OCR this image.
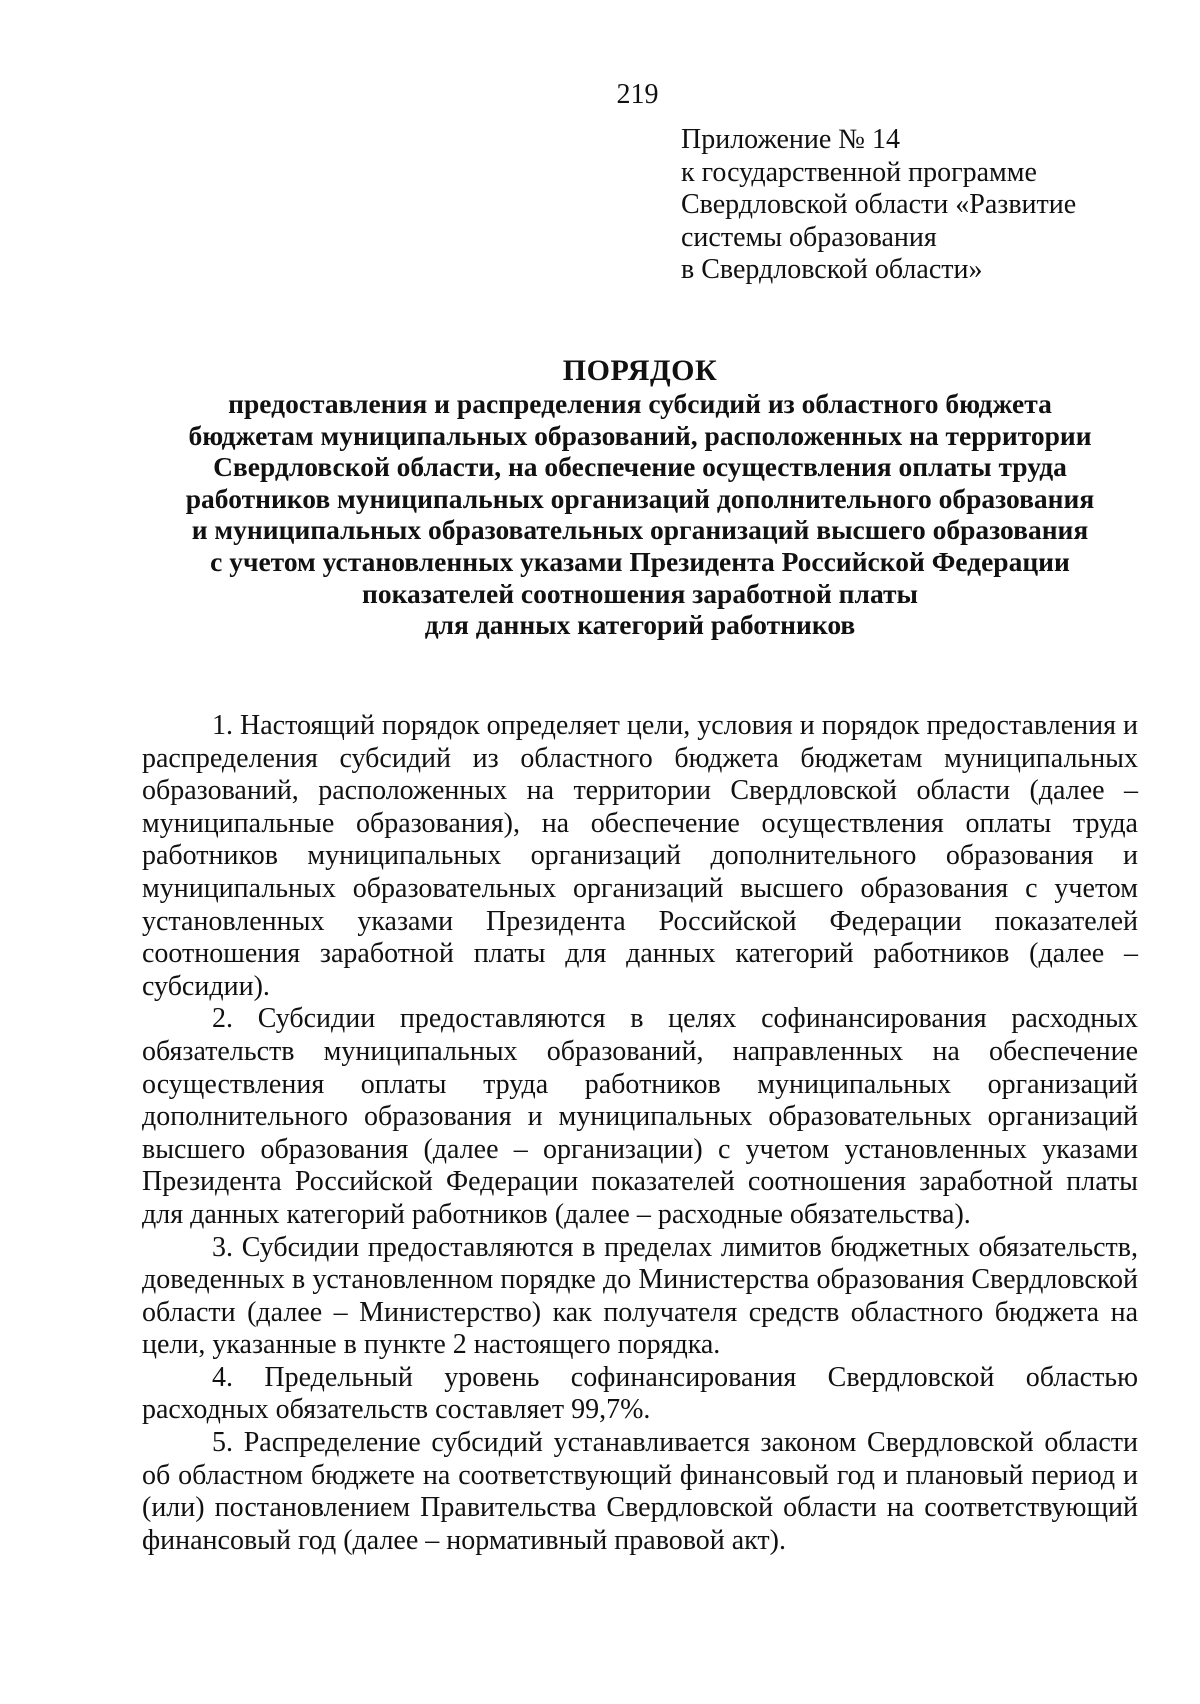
219
Приложение № 14
к государственной программе
Свердловской области «Развитие
системы образования
в Свердловской области»
ПОРЯДОК
предоставления и распределения субсидий из областного бюджета
бюджетам муниципальных образований, расположенных на территории
Свердловской области, на обеспечение осуществления оплаты труда
работников муниципальных организаций дополнительного образования
и муниципальных образовательных организаций высшего образования
с учетом установленных указами Президента Российской Федерации
показателей соотношения заработной платы
для данных категорий работников

1. Настоящий порядок определяет цели, условия и порядок предоставления и распределения субсидий из областного бюджета бюджетам муниципальных образований, расположенных на территории Свердловской области (далее – муниципальные образования), на обеспечение осуществления оплаты труда работников муниципальных организаций дополнительного образования и муниципальных образовательных организаций высшего образования с учетом установленных указами Президента Российской Федерации показателей соотношения заработной платы для данных категорий работников (далее – субсидии).

2. Субсидии предоставляются в целях софинансирования расходных обязательств муниципальных образований, направленных на обеспечение осуществления оплаты труда работников муниципальных организаций дополнительного образования и муниципальных образовательных организаций высшего образования (далее – организации) с учетом установленных указами Президента Российской Федерации показателей соотношения заработной платы для данных категорий работников (далее – расходные обязательства).

3. Субсидии предоставляются в пределах лимитов бюджетных обязательств, доведенных в установленном порядке до Министерства образования Свердловской области (далее – Министерство) как получателя средств областного бюджета на цели, указанные в пункте 2 настоящего порядка.

4. Предельный уровень софинансирования Свердловской областью расходных обязательств составляет 99,7%.

5. Распределение субсидий устанавливается законом Свердловской области об областном бюджете на соответствующий финансовый год и плановый период и (или) постановлением Правительства Свердловской области на соответствующий финансовый год (далее – нормативный правовой акт).
